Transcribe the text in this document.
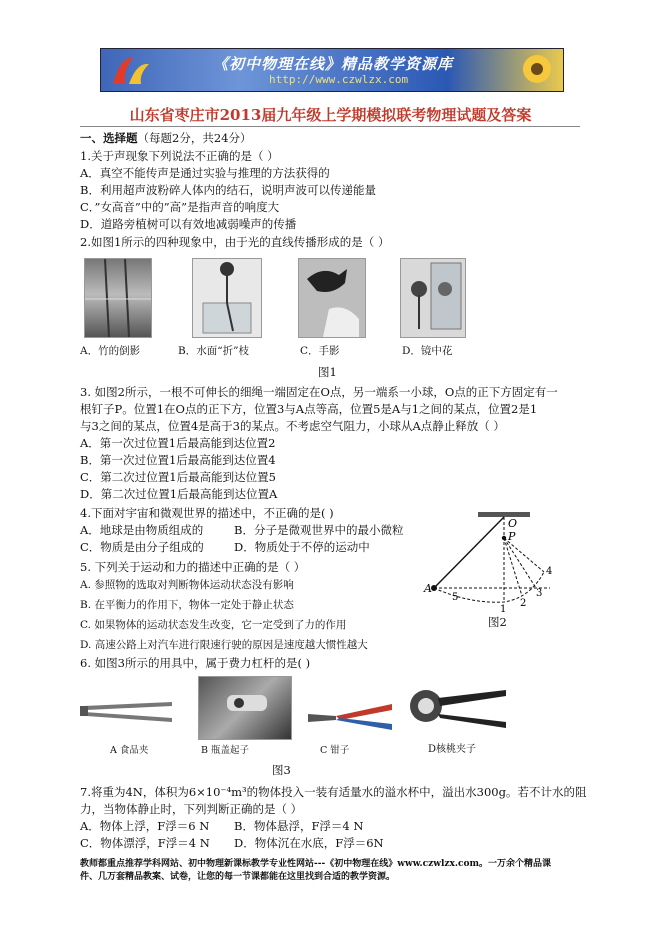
《初中物理在线》精品教学资源库
http://www.czwlzx.com
山东省枣庄市2013届九年级上学期模拟联考物理试题及答案
一、选择题（每题2分，共24分）
1.关于声现象下列说法不正确的是（ ）
A．真空不能传声是通过实验与推理的方法获得的
B．利用超声波粉碎人体内的结石，说明声波可以传递能量
C．”女高音”中的”高”是指声音的响度大
D．道路旁植树可以有效地减弱噪声的传播
2.如图1所示的四种现象中，由于光的直线传播形成的是（ ）
A．竹的倒影	B．水面“折”枝	C．手影	D．镜中花
图1
3. 如图2所示，一根不可伸长的细绳一端固定在O点，另一端系一小球，O点的正下方固定有一
根钉子P。位置1在O点的正下方，位置3与A点等高，位置5是A与1之间的某点，位置2是1
与3之间的某点，位置4是高于3的某点。不考虑空气阻力，小球从A点静止释放（ ）
A．第一次过位置1后最高能到达位置2
B．第一次过位置1后最高能到达位置4
C．第二次过位置1后最高能到达位置5
D．第二次过位置1后最高能到达位置A
4.下面对宇宙和微观世界的描述中，不正确的是( )
A．地球是由物质组成的	B．分子是微观世界中的最小微粒
C．物质是由分子组成的	D．物质处于不停的运动中
O
P
A
5
1
2
3
4
图2
5. 下列关于运动和力的描述中正确的是（ ）
A. 参照物的选取对判断物体运动状态没有影响
B. 在平衡力的作用下，物体一定处于静止状态
C. 如果物体的运动状态发生改变，它一定受到了力的作用
D. 高速公路上对汽车进行限速行驶的原因是速度越大惯性越大
6. 如图3所示的用具中，属于费力杠杆的是( )
A 食品夹	B 瓶盖起子	C 钳子	D核桃夹子
图3
7.将重为4N，体积为6×10⁻⁴m³的物体投入一装有适量水的溢水杯中，溢出水300g。若不计水的阻
力，当物体静止时，下列判断正确的是（ ）
A．物体上浮，F浮＝6 N B．物体悬浮，F浮＝4 N
C．物体漂浮，F浮＝4 N D．物体沉在水底，F浮＝6N
教师都重点推荐学科网站、初中物理新课标教学专业性网站---《初中物理在线》www.czwlzx.com。一万余个精品课
件、几万套精品教案、试卷，让您的每一节课都能在这里找到合适的教学资源。
